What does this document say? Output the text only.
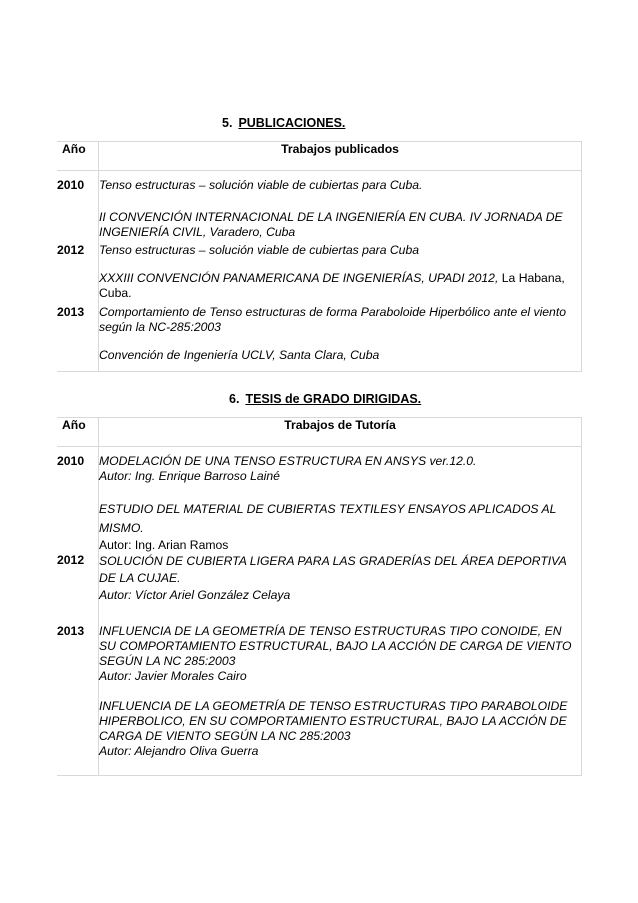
5. PUBLICACIONES.
Año	Trabajos publicados
2010	Tenso estructuras – solución viable de cubiertas para Cuba.
II CONVENCIÓN INTERNACIONAL DE LA INGENIERÍA EN CUBA. IV JORNADA DE INGENIERÍA CIVIL, Varadero, Cuba

2012	Tenso estructuras – solución viable de cubiertas para Cuba
XXXIII CONVENCIÓN PANAMERICANA DE INGENIERÍAS, UPADI 2012, La Habana, Cuba.

2013	Comportamiento de Tenso estructuras de forma Paraboloide Hiperbólico ante el viento según la NC-285:2003
Convención de Ingeniería UCLV, Santa Clara, Cuba
6. TESIS de GRADO DIRIGIDAS.
Año	Trabajos de Tutoría
2010	MODELACIÓN DE UNA TENSO ESTRUCTURA EN ANSYS ver.12.0.
Autor: Ing. Enrique Barroso Lainé
ESTUDIO DEL MATERIAL DE CUBIERTAS TEXTILESY ENSAYOS APLICADOS AL MISMO.
Autor: Ing. Arian Ramos

2012	SOLUCIÓN DE CUBIERTA LIGERA PARA LAS GRADERÍAS DEL ÁREA DEPORTIVA DE LA CUJAE.
Autor: Víctor Ariel González Celaya

2013	INFLUENCIA DE LA GEOMETRÍA DE TENSO ESTRUCTURAS TIPO CONOIDE, EN SU COMPORTAMIENTO ESTRUCTURAL, BAJO LA ACCIÓN DE CARGA DE VIENTO SEGÚN LA NC 285:2003
Autor: Javier Morales Cairo
INFLUENCIA DE LA GEOMETRÍA DE TENSO ESTRUCTURAS TIPO PARABOLOIDE HIPERBOLICO, EN SU COMPORTAMIENTO ESTRUCTURAL, BAJO LA ACCIÓN DE CARGA DE VIENTO SEGÚN LA NC 285:2003
Autor: Alejandro Oliva Guerra
